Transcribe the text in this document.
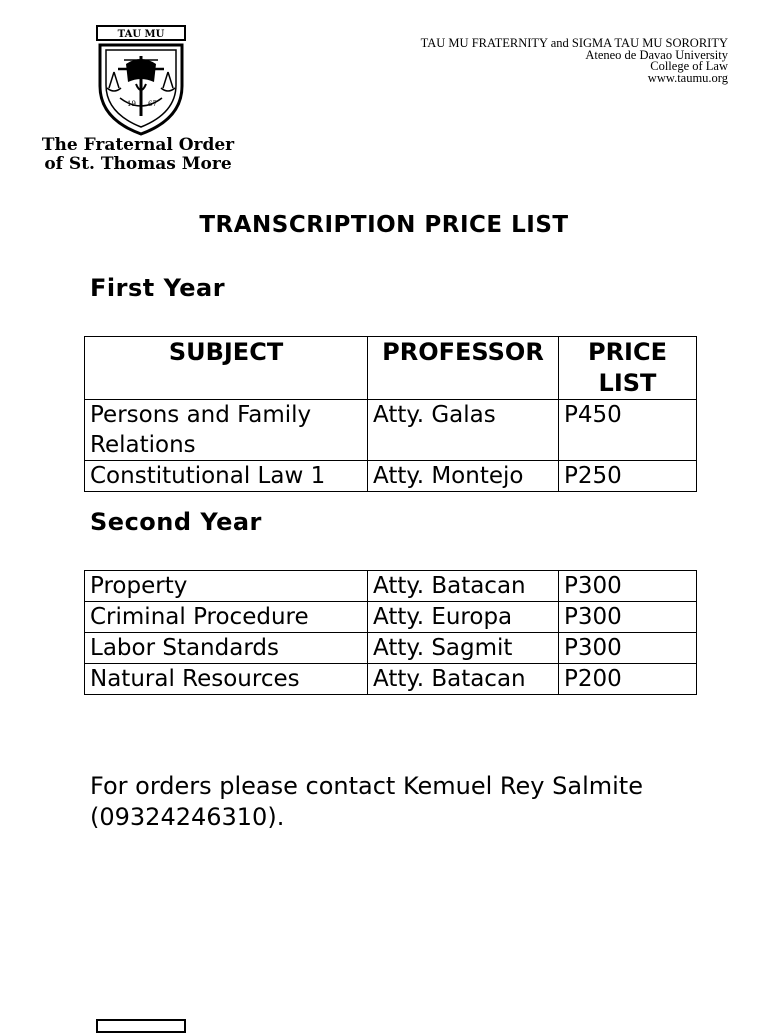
TAU MU
19 67
The Fraternal Order
of St. Thomas More
TAU MU FRATERNITY and SIGMA TAU MU SORORITY
Ateneo de Davao University
College of Law
www.taumu.org
TRANSCRIPTION PRICE LIST
First Year
SUBJECT	PROFESSOR	PRICE LIST
Persons and Family Relations	Atty. Galas	P450
Constitutional Law 1	Atty. Montejo	P250
Second Year
Property	Atty. Batacan	P300
Criminal Procedure	Atty. Europa	P300
Labor Standards	Atty. Sagmit	P300
Natural Resources	Atty. Batacan	P200
For orders please contact Kemuel Rey Salmite (09324246310).
